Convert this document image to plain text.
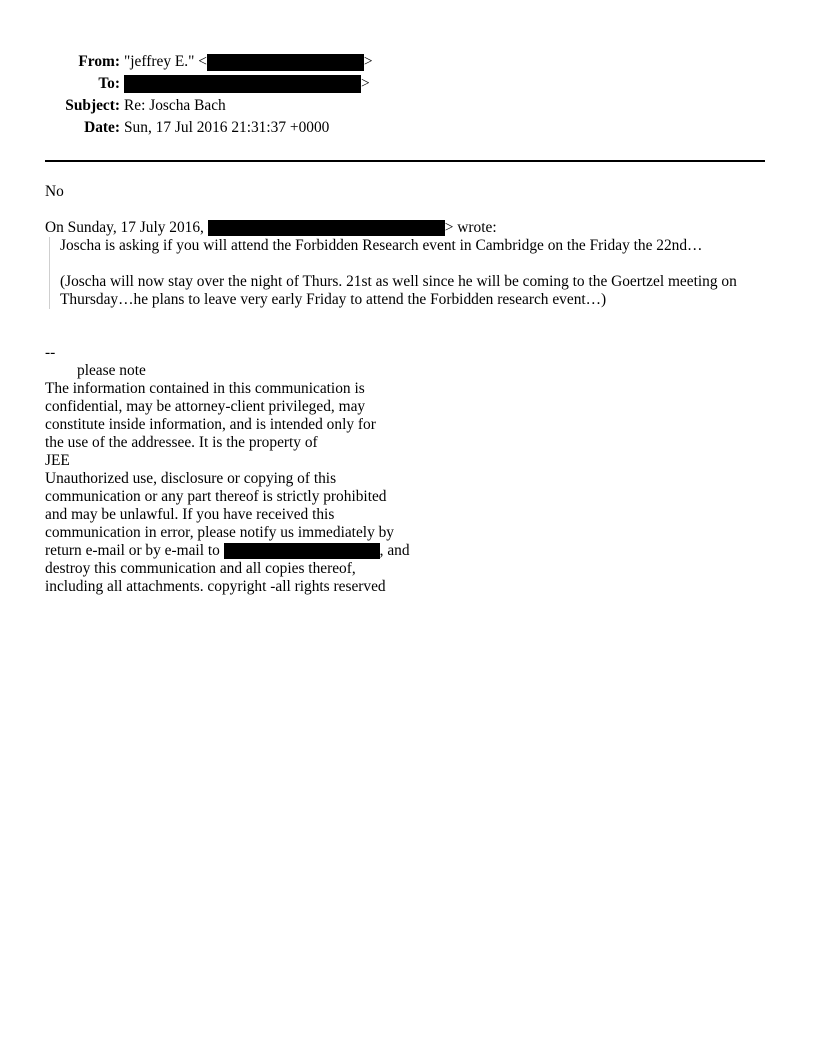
From: "jeffrey E." <	>
To:	>
Subject: Re: Joscha Bach
Date: Sun, 17 Jul 2016 21:31:37 +0000
No
On Sunday, 17 July 2016,	> wrote:
Joscha is asking if you will attend the Forbidden Research event in Cambridge on the Friday the 22nd…
(Joscha will now stay over the night of Thurs. 21st as well since he will be coming to the Goertzel meeting on
Thursday…he plans to leave very early Friday to attend the Forbidden research event…)
--
please note
The information contained in this communication is
confidential, may be attorney-client privileged, may
constitute inside information, and is intended only for
the use of the addressee. It is the property of
JEE
Unauthorized use, disclosure or copying of this
communication or any part thereof is strictly prohibited
and may be unlawful. If you have received this
communication in error, please notify us immediately by
return e-mail or by e-mail to	, and
destroy this communication and all copies thereof,
including all attachments. copyright -all rights reserved
